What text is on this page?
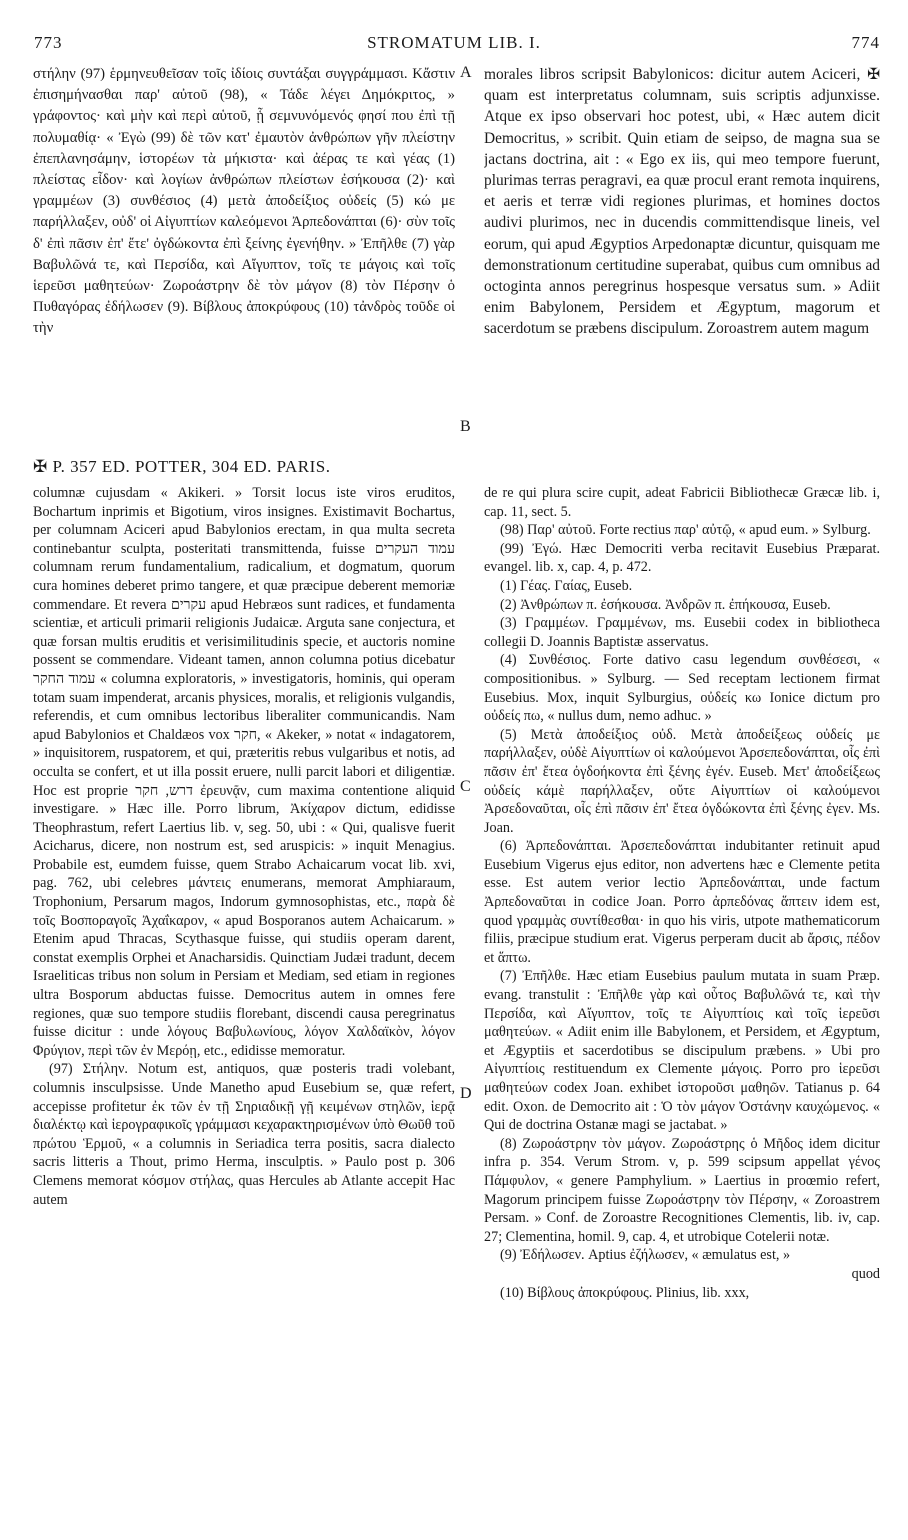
773	STROMATUM LIB. I.	774

στήλην (97) ἑρμηνευθεῖσαν τοῖς ἰδίοις συντάξαι συγγράμμασι. Κἄστιν ἐπισημήνασθαι παρ' αὐτοῦ (98), « Τάδε λέγει Δημόκριτος, » γράφοντος· καὶ μὴν καὶ περὶ αὑτοῦ, ᾗ σεμνυνόμενός φησί που ἐπὶ τῇ πολυμαθίᾳ· « Ἐγὼ (99) δὲ τῶν κατ' ἐμαυτὸν ἀνθρώπων γῆν πλείστην ἐπεπλανησάμην, ἱστορέων τὰ μήκιστα· καὶ ἀέρας τε καὶ γέας (1) πλείστας εἶδον· καὶ λογίων ἀνθρώπων πλείστων ἐσήκουσα (2)· καὶ γραμμέων (3) συνθέσιος (4) μετὰ ἀποδείξιος οὐδείς (5) κώ με παρήλλαξεν, οὐδ' οἱ Αἰγυπτίων καλεόμενοι Ἀρπεδονάπται (6)· σὺν τοῖς δ' ἐπὶ πᾶσιν ἐπ' ἔτε' ὀγδώκοντα ἐπὶ ξείνης ἐγενήθην. » Ἐπῆλθε (7) γὰρ Βαβυλῶνά τε, καὶ Περσίδα, καὶ Αἴγυπτον, τοῖς τε μάγοις καὶ τοῖς ἱερεῦσι μαθητεύων· Ζωροάστρην δὲ τὸν μάγον (8) τὸν Πέρσην ὁ Πυθαγόρας ἐδήλωσεν (9). Βίβλους ἀποκρύφους (10) τἀνδρὸς τοῦδε οἱ τὴν

morales libros scripsit Babylonicos: dicitur autem Aciceri, ✠ quam est interpretatus columnam, suis scriptis adjunxisse. Atque ex ipso observari hoc potest, ubi, « Hæc autem dicit Democritus, » scribit. Quin etiam de seipso, de magna sua se jactans doctrina, ait : « Ego ex iis, qui meo tempore fuerunt, plurimas terras peragravi, ea quæ procul erant remota inquirens, et aeris et terræ vidi regiones plurimas, et homines doctos audivi plurimos, nec in ducendis committendisque lineis, vel eorum, qui apud Ægyptios Arpedonaptæ dicuntur, quisquam me demonstrationum certitudine superabat, quibus cum omnibus ad octoginta annos peregrinus hospesque versatus sum. » Adiit enim Babylonem, Persidem et Ægyptum, magorum et sacerdotum se præbens discipulum. Zoroastrem autem magum

A
B
C
D
✠ P. 357 ED. POTTER, 304 ED. PARIS.

columnæ cujusdam « Akikeri. » Torsit locus iste viros eruditos, Bochartum inprimis et Bigotium, viros insignes. Existimavit Bochartus, per columnam Aciceri apud Babylonios erectam, in qua multa secreta continebantur sculpta, posteritati transmittenda, fuisse עמוד העקרים columnam rerum fundamentalium, radicalium, et dogmatum, quorum cura homines deberet primo tangere, et quæ præcipue deberent memoriæ commendare. Et revera עקרים apud Hebræos sunt radices, et fundamenta scientiæ, et articuli primarii religionis Judaicæ. Arguta sane conjectura, et quæ forsan multis eruditis et verisimilitudinis specie, et auctoris nomine possent se commendare. Videant tamen, annon columna potius dicebatur עמוד החקר « columna exploratoris, » investigatoris, hominis, qui operam totam suam impenderat, arcanis physices, moralis, et religionis vulgandis, referendis, et cum omnibus lectoribus liberaliter communicandis. Nam apud Babylonios et Chaldæos vox חקר, « Akeker, » notat « indagatorem, » inquisitorem, ruspatorem, et qui, præteritis rebus vulgaribus et notis, ad occulta se confert, et ut illa possit eruere, nulli parcit labori et diligentiæ. Hoc est proprie דרש, חקר ἐρευνᾷν, cum maxima contentione aliquid investigare. » Hæc ille. Porro librum, Ἀκίχαρον dictum, edidisse Theophrastum, refert Laertius lib. v, seg. 50, ubi : « Qui, qualisve fuerit Acicharus, dicere, non nostrum est, sed aruspicis: » inquit Menagius. Probabile est, eumdem fuisse, quem Strabo Achaicarum vocat lib. xvi, pag. 762, ubi celebres μάντεις enumerans, memorat Amphiaraum, Trophonium, Persarum magos, Indorum gymnosophistas, etc., παρὰ δὲ τοῖς Βοσποραγοῖς Ἀχαΐκαρον, « apud Bosporanos autem Achaicarum. » Etenim apud Thracas, Scythasque fuisse, qui studiis operam darent, constat exemplis Orphei et Anacharsidis. Quinctiam Judæi tradunt, decem Israeliticas tribus non solum in Persiam et Mediam, sed etiam in regiones ultra Bosporum abductas fuisse. Democritus autem in omnes fere regiones, quæ suo tempore studiis florebant, discendi causa peregrinatus fuisse dicitur : unde λόγους Βαβυλωνίους, λόγον Χαλδαϊκὸν, λόγον Φρύγιον, περὶ τῶν ἐν Μερόῃ, etc., edidisse memoratur.

(97) Στήλην. Notum est, antiquos, quæ posteris tradi volebant, columnis insculpsisse. Unde Manetho apud Eusebium se, quæ refert, accepisse profitetur ἐκ τῶν ἐν τῇ Σηριαδικῇ γῇ κειμένων στηλῶν, ἱερᾷ διαλέκτῳ καὶ ἱερογραφικοῖς γράμμασι κεχαρακτηρισμένων ὑπὸ Θωῦθ τοῦ πρώτου Ἑρμοῦ, « a columnis in Seriadica terra positis, sacra dialecto sacris litteris a Thout, primo Herma, insculptis. » Paulo post p. 306 Clemens memorat κόσμον στήλας, quas Hercules ab Atlante accepit Hac autem

de re qui plura scire cupit, adeat Fabricii Bibliothecæ Græcæ lib. i, cap. 11, sect. 5.

(98) Παρ' αὐτοῦ. Forte rectius παρ' αὐτῷ, « apud eum. » Sylburg.

(99) Ἐγώ. Hæc Democriti verba recitavit Eusebius Præparat. evangel. lib. x, cap. 4, p. 472.

(1) Γέας. Γαίας, Euseb.

(2) Ἀνθρώπων π. ἐσήκουσα. Ἀνδρῶν π. ἐπήκουσα, Euseb.

(3) Γραμμέων. Γραμμένων, ms. Eusebii codex in bibliotheca collegii D. Joannis Baptistæ asservatus.

(4) Συνθέσιος. Forte dativo casu legendum συνθέσεσι, « compositionibus. » Sylburg. — Sed receptam lectionem firmat Eusebius. Mox, inquit Sylburgius, οὐδείς κω Ionice dictum pro οὐδείς πω, « nullus dum, nemo adhuc. »

(5) Μετὰ ἀποδείξιος οὐδ. Μετὰ ἀποδείξεως οὐδείς με παρήλλαξεν, οὐδὲ Αἰγυπτίων οἱ καλούμενοι Ἀρσεπεδονάπται, οἷς ἐπὶ πᾶσιν ἐπ' ἔτεα ὀγδοήκοντα ἐπὶ ξένης ἐγέν. Euseb. Μετ' ἀποδείξεως οὐδείς κάμὲ παρήλλαξεν, οὔτε Αἰγυπτίων οἱ καλούμενοι Ἀρσεδοναῦται, οἷς ἐπὶ πᾶσιν ἐπ' ἔτεα ὀγδώκοντα ἐπὶ ξένης ἐγεν. Ms. Joan.

(6) Ἀρπεδονάπται. Ἀρσεπεδονάπται indubitanter retinuit apud Eusebium Vigerus ejus editor, non advertens hæc e Clemente petita esse. Est autem verior lectio Ἀρπεδονάπται, unde factum Ἀρπεδοναῦται in codice Joan. Porro ἀρπεδόνας ἅπτειν idem est, quod γραμμὰς συντίθεσθαι· in quo his viris, utpote mathematicorum filiis, præcipue studium erat. Vigerus perperam ducit ab ἄρσις, πέδον et ἅπτω.

(7) Ἐπῆλθε. Hæc etiam Eusebius paulum mutata in suam Præp. evang. transtulit : Ἐπῆλθε γὰρ καὶ οὗτος Βαβυλῶνά τε, καὶ τὴν Περσίδα, καὶ Αἴγυπτον, τοῖς τε Αἰγυπτίοις καὶ τοῖς ἱερεῦσι μαθητεύων. « Adiit enim ille Babylonem, et Persidem, et Ægyptum, et Ægyptiis et sacerdotibus se discipulum præbens. » Ubi pro Αἰγυπτίοις restituendum ex Clemente μάγοις. Porro pro ἱερεῦσι μαθητεύων codex Joan. exhibet ἱστοροῦσι μαθηῶν. Tatianus p. 64 edit. Oxon. de Democrito ait : Ὁ τὸν μάγον Ὀστάνην καυχώμενος. « Qui de doctrina Ostanæ magi se jactabat. »

(8) Ζωροάστρην τὸν μάγον. Ζωροάστρης ὁ Μῆδος idem dicitur infra p. 354. Verum Strom. v, p. 599 scipsum appellat γένος Πάμφυλον, « genere Pamphylium. » Laertius in proœmio refert, Magorum principem fuisse Ζωροάστρην τὸν Πέρσην, « Zoroastrem Persam. » Conf. de Zoroastre Recognitiones Clementis, lib. iv, cap. 27; Clementina, homil. 9, cap. 4, et utrobique Cotelerii notæ.

(9) Ἐδήλωσεν. Aptius ἐζήλωσεν, « æmulatus est, »

quod

(10) Βίβλους ἀποκρύφους. Plinius, lib. xxx,
